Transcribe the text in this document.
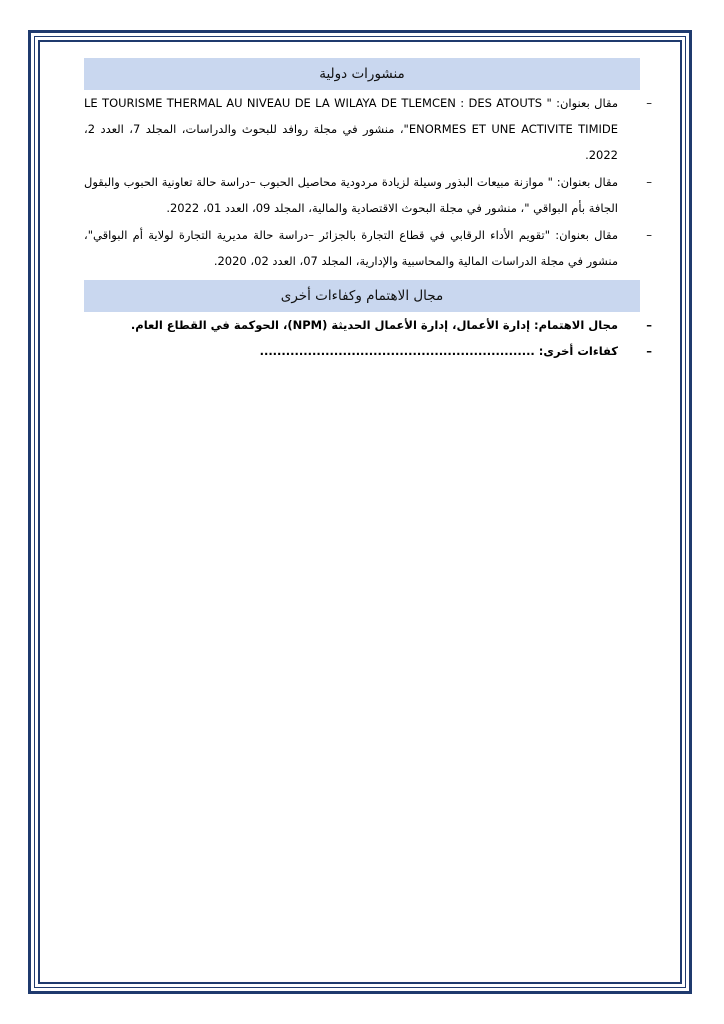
منشورات دولية
– مقال بعنوان: " LE TOURISME THERMAL AU NIVEAU DE LA WILAYA DE TLEMCEN : DES ATOUTS ENORMES ET UNE ACTIVITE TIMIDE"، منشور في مجلة روافد للبحوث والدراسات، المجلد 7، العدد 2، 2022.
– مقال بعنوان: " موازنة مبيعات البذور وسيلة لزيادة مردودية محاصيل الحبوب –دراسة حالة تعاونية الحبوب والبقول الجافة بأم البواقي "، منشور في مجلة البحوث الاقتصادية والمالية، المجلد 09، العدد 01، 2022.
– مقال بعنوان: "تقويم الأداء الرقابي في قطاع التجارة بالجزائر –دراسة حالة مديرية التجارة لولاية أم البواقي"، منشور في مجلة الدراسات المالية والمحاسبية والإدارية، المجلد 07، العدد 02، 2020.
مجال الاهتمام وكفاءات أخرى
– مجال الاهتمام: إدارة الأعمال، إدارة الأعمال الحديثة (NPM)، الحوكمة في القطاع العام.
– كفاءات أخرى: ...............................................................
